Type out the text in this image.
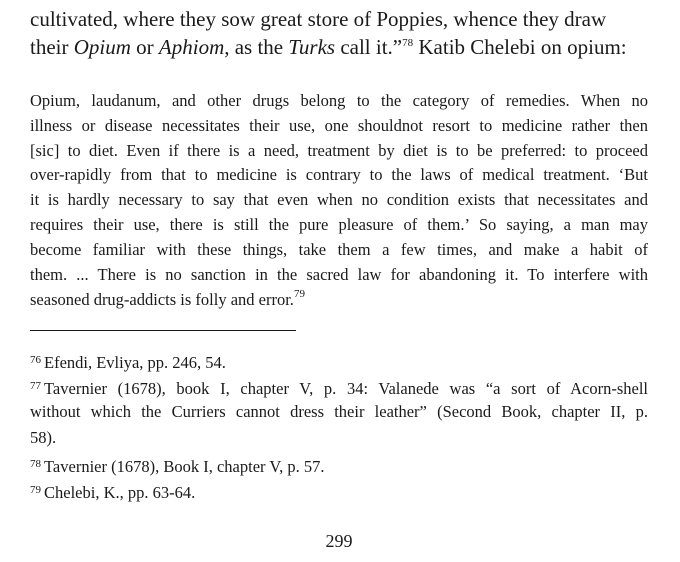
cultivated, where they sow great store of Poppies, whence they draw
their Opium or Aphiom, as the Turks call it.”$^{78}$ Katib Chelebi on opium:
Opium, laudanum, and other drugs belong to the category of remedies. When no
illness or disease necessitates their use, one shouldnot resort to medicine rather then
[sic] to diet. Even if there is a need, treatment by diet is to be preferred: to proceed
over-rapidly from that to medicine is contrary to the laws of medical treatment. ‘But
it is hardly necessary to say that even when no condition exists that necessitates and
requires their use, there is still the pure pleasure of them.’ So saying, a man may
become familiar with these things, take them a few times, and make a habit of
them. ... There is no sanction in the sacred law for abandoning it. To interfere with
seasoned drug-addicts is folly and error.$^{79}$
$^{76}$ Efendi, Evliya, pp. 246, 54.
$^{77}$ Tavernier (1678), book I, chapter V, p. 34: Valanede was “a sort of Acorn-shell
without which the Curriers cannot dress their leather” (Second Book, chapter II, p.
58).
$^{78}$ Tavernier (1678), Book I, chapter V, p. 57.
$^{79}$ Chelebi, K., pp. 63-64.
299
